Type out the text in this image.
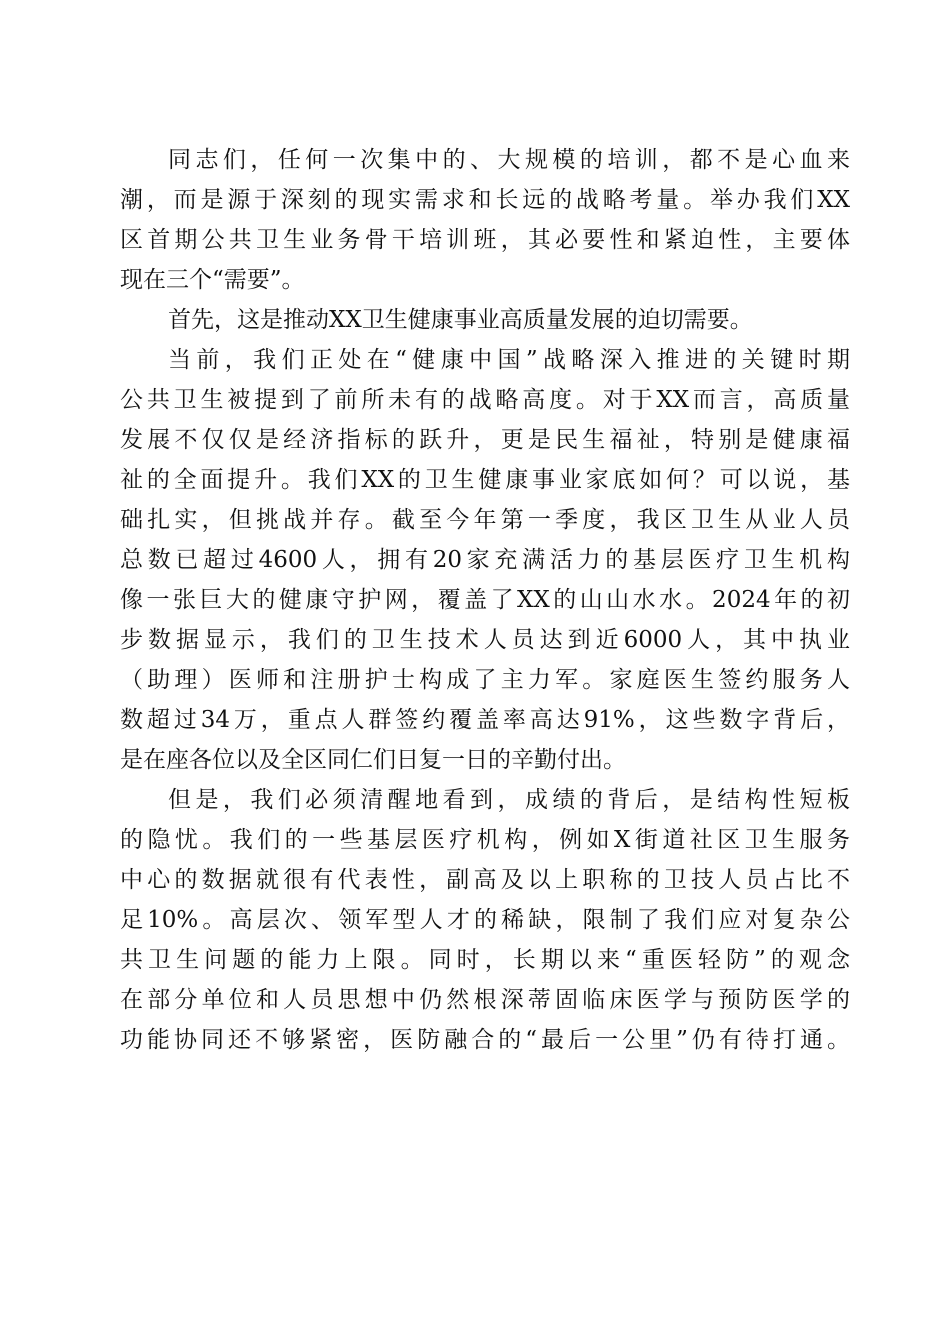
同志们，任何一次集中的、大规模的培训，都不是心血来
潮，而是源于深刻的现实需求和长远的战略考量。举办我们XX
区首期公共卫生业务骨干培训班，其必要性和紧迫性，主要体
现在三个“需要”。
首先，这是推动XX卫生健康事业高质量发展的迫切需要。
当前，我们正处在“健康中国”战略深入推进的关键时期
公共卫生被提到了前所未有的战略高度。对于XX而言，高质量
发展不仅仅是经济指标的跃升，更是民生福祉，特别是健康福
祉的全面提升。我们XX的卫生健康事业家底如何？可以说，基
础扎实，但挑战并存。截至今年第一季度，我区卫生从业人员
总数已超过4600人，拥有20家充满活力的基层医疗卫生机构
像一张巨大的健康守护网，覆盖了XX的山山水水。2024年的初
步数据显示，我们的卫生技术人员达到近6000人，其中执业
（助理）医师和注册护士构成了主力军。家庭医生签约服务人
数超过34万，重点人群签约覆盖率高达91%，这些数字背后，
是在座各位以及全区同仁们日复一日的辛勤付出。
但是，我们必须清醒地看到，成绩的背后，是结构性短板
的隐忧。我们的一些基层医疗机构，例如X街道社区卫生服务
中心的数据就很有代表性，副高及以上职称的卫技人员占比不
足10%。高层次、领军型人才的稀缺，限制了我们应对复杂公
共卫生问题的能力上限。同时，长期以来“重医轻防”的观念
在部分单位和人员思想中仍然根深蒂固临床医学与预防医学的
功能协同还不够紧密，医防融合的“最后一公里”仍有待打通。
